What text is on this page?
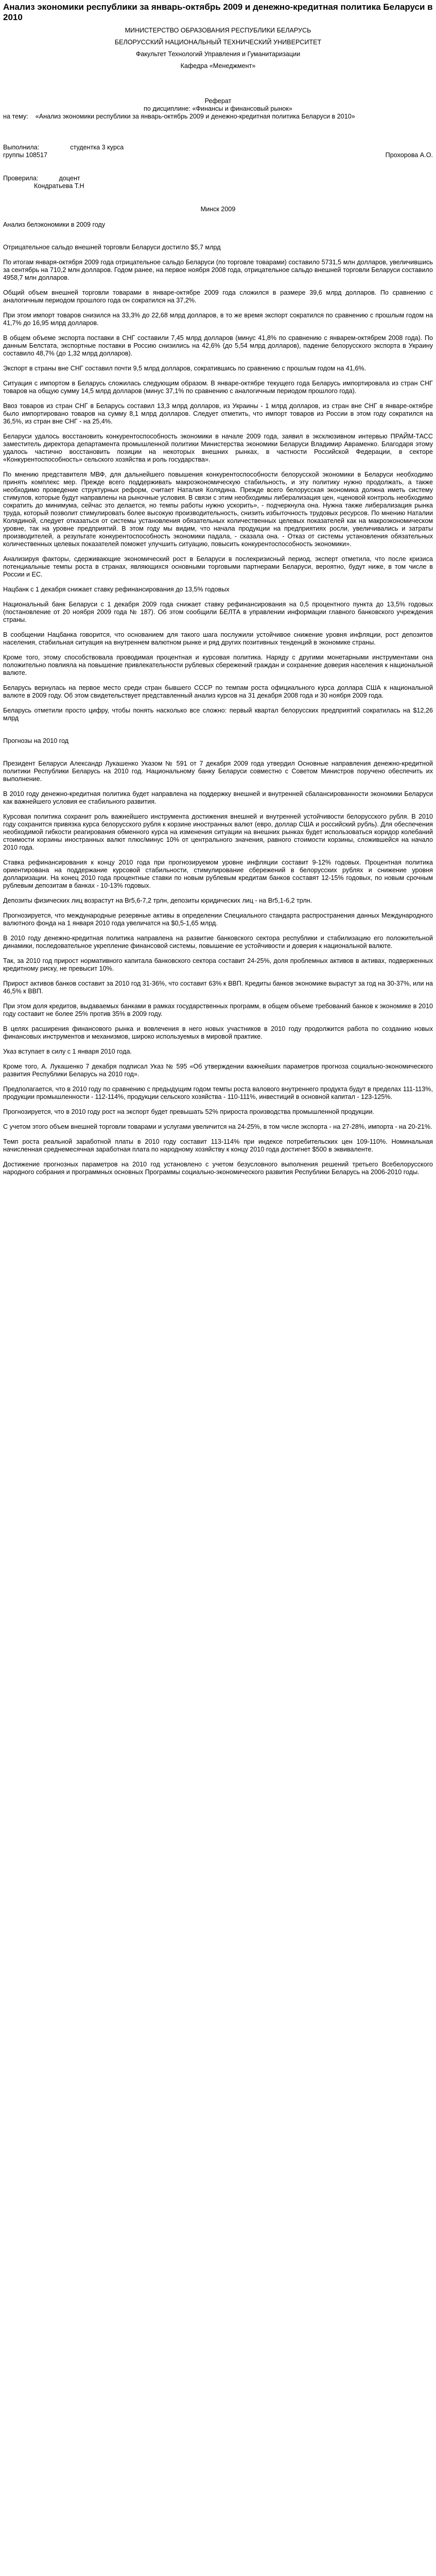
Анализ экономики республики за январь-октябрь 2009 и денежно-кредитная политика Беларуси в 2010
МИНИСТЕРСТВО ОБРАЗОВАНИЯ РЕСПУБЛИКИ БЕЛАРУСЬ
БЕЛОРУССКИЙ НАЦИОНАЛЬНЫЙ ТЕХНИЧЕСКИЙ УНИВЕРСИТЕТ
Факультет Технологий Управления и Гуманитаризации
Кафедра «Менеджмент»
Реферат
по дисциплине: «Финансы и финансовый рынок»

на тему: «Анализ экономики республики за январь-октябрь 2009 и денежно-кредитная политика Беларуси в 2010»

Выполнила:	студентка 3 курса
группы 108517	Прохорова А.О.
Проверила:	доцент
Кондратьева Т.Н
Минск 2009
Анализ белэкономики в 2009 году
Отрицательное сальдо внешней торговли Беларуси достигло $5,7 млрд

По итогам января-октября 2009 года отрицательное сальдо Беларуси (по торговле товарами) составило 5731,5 млн долларов, увеличившись за сентябрь на 710,2 млн долларов. Годом ранее, на первое ноября 2008 года, отрицательное сальдо внешней торговли Беларуси составило 4958,7 млн долларов.

Общий объем внешней торговли товарами в январе-октябре 2009 года сложился в размере 39,6 млрд долларов. По сравнению с аналогичным периодом прошлого года он сократился на 37,2%.

При этом импорт товаров снизился на 33,3% до 22,68 млрд долларов, в то же время экспорт сократился по сравнению с прошлым годом на 41,7% до 16,95 млрд долларов.

В общем объеме экспорта поставки в СНГ составили 7,45 млрд долларов (минус 41,8% по сравнению с январем-октябрем 2008 года). По данным Белстата, экспортные поставки в Россию снизились на 42,6% (до 5,54 млрд долларов), падение белорусского экспорта в Украину составило 48,7% (до 1,32 млрд долларов).

Экспорт в страны вне СНГ составил почти 9,5 млрд долларов, сократившись по сравнению с прошлым годом на 41,6%.

Ситуация с импортом в Беларусь сложилась следующим образом. В январе-октябре текущего года Беларусь импортировала из стран СНГ товаров на общую сумму 14,5 млрд долларов (минус 37,1% по сравнению с аналогичным периодом прошлого года).

Ввоз товаров из стран СНГ в Беларусь составил 13,3 млрд долларов, из Украины - 1 млрд долларов, из стран вне СНГ в январе-октябре было импортировано товаров на сумму 8,1 млрд долларов. Следует отметить, что импорт товаров из России в этом году сократился на 36,5%, из стран вне СНГ - на 25,4%.

Беларуси удалось восстановить конкурентоспособность экономики в начале 2009 года, заявил в эксклюзивном интервью ПРАЙМ-ТАСС заместитель директора департамента промышленной политики Министерства экономики Беларуси Владимир Авраменко. Благодаря этому удалось частично восстановить позиции на некоторых внешних рынках, в частности Российской Федерации, в секторе «Конкурентоспособность» сельского хозяйства и роль государства».

По мнению представителя МВФ, для дальнейшего повышения конкурентоспособности белорусской экономики в Беларуси необходимо принять комплекс мер. Прежде всего поддерживать макроэкономическую стабильность, и эту политику нужно продолжать, а также необходимо проведение структурных реформ, считает Наталия Колядина. Прежде всего белорусская экономика должна иметь систему стимулов, которые будут направлены на рыночные условия. В связи с этим необходимы либерализация цен, «ценовой контроль необходимо сократить до минимума, сейчас это делается, но темпы работы нужно ускорить», - подчеркнула она. Нужна также либерализация рынка труда, который позволит стимулировать более высокую производительность, снизить избыточность трудовых ресурсов. По мнению Наталии Колядиной, следует отказаться от системы установления обязательных количественных целевых показателей как на макроэкономическом уровне, так на уровне предприятий. В этом году мы видим, что начала продукции на предприятиях росли, увеличивались и затраты производителей, а результате конкурентоспособность экономики падала, - сказала она. - Отказ от системы установления обязательных количественных целевых показателей поможет улучшить ситуацию, повысить конкурентоспособность экономики».

Анализируя факторы, сдерживающие экономический рост в Беларуси в послекризисный период, эксперт отметила, что после кризиса потенциальные темпы роста в странах, являющихся основными торговыми партнерами Беларуси, вероятно, будут ниже, в том числе в России и ЕС.

Нацбанк с 1 декабря снижает ставку рефинансирования до 13,5% годовых

Национальный банк Беларуси с 1 декабря 2009 года снижает ставку рефинансирования на 0,5 процентного пункта до 13,5% годовых (постановление от 20 ноября 2009 года № 187). Об этом сообщили БЕЛТА в управлении информации главного банковского учреждения страны.

В сообщении Нацбанка говорится, что основанием для такого шага послужили устойчивое снижение уровня инфляции, рост депозитов населения, стабильная ситуация на внутреннем валютном рынке и ряд других позитивных тенденций в экономике страны.

Кроме того, этому способствовала проводимая процентная и курсовая политика. Наряду с другими монетарными инструментами она положительно повлияла на повышение привлекательности рублевых сбережений граждан и сохранение доверия населения к национальной валюте.

Беларусь вернулась на первое место среди стран бывшего СССР по темпам роста официального курса доллара США к национальной валюте в 2009 году. Об этом свидетельствует представленный анализ курсов на 31 декабря 2008 года и 30 ноября 2009 года.

Беларусь отметили просто цифру, чтобы понять насколько все сложно: первый квартал белорусских предприятий сократилась на $12,26 млрд

Прогнозы на 2010 год

Президент Беларуси Александр Лукашенко Указом № 591 от 7 декабря 2009 года утвердил Основные направления денежно-кредитной политики Республики Беларусь на 2010 год. Национальному банку Беларуси совместно с Советом Министров поручено обеспечить их выполнение.

В 2010 году денежно-кредитная политика будет направлена на поддержку внешней и внутренней сбалансированности экономики Беларуси как важнейшего условия ее стабильного развития.

Курсовая политика сохранит роль важнейшего инструмента достижения внешней и внутренней устойчивости белорусского рубля. В 2010 году сохранится привязка курса белорусского рубля к корзине иностранных валют (евро, доллар США и российский рубль). Для обеспечения необходимой гибкости реагирования обменного курса на изменения ситуации на внешних рынках будет использоваться коридор колебаний стоимости корзины иностранных валют плюс/минус 10% от центрального значения, равного стоимости корзины, сложившейся на начало 2010 года.

Ставка рефинансирования к концу 2010 года при прогнозируемом уровне инфляции составит 9-12% годовых. Процентная политика ориентирована на поддержание курсовой стабильности, стимулирование сбережений в белорусских рублях и снижение уровня долларизации. На конец 2010 года процентные ставки по новым рублевым кредитам банков составят 12-15% годовых, по новым срочным рублевым депозитам в банках - 10-13% годовых.

Депозиты физических лиц возрастут на Br5,6-7,2 трлн, депозиты юридических лиц - на Br5,1-6,2 трлн.

Прогнозируется, что международные резервные активы в определении Специального стандарта распространения данных Международного валютного фонда на 1 января 2010 года увеличатся на $0,5-1,65 млрд.

В 2010 году денежно-кредитная политика направлена на развитие банковского сектора республики и стабилизацию его положительной динамики, последовательное укрепление финансовой системы, повышение ее устойчивости и доверия к национальной валюте.

Так, за 2010 год прирост нормативного капитала банковского сектора составит 24-25%, доля проблемных активов в активах, подверженных кредитному риску, не превысит 10%.

Прирост активов банков составит за 2010 год 31-36%, что составит 63% к ВВП. Кредиты банков экономике вырастут за год на 30-37%, или на 46,5% к ВВП.

При этом доля кредитов, выдаваемых банками в рамках государственных программ, в общем объеме требований банков к экономике в 2010 году составит не более 25% против 35% в 2009 году.

В целях расширения финансового рынка и вовлечения в него новых участников в 2010 году продолжится работа по созданию новых финансовых инструментов и механизмов, широко используемых в мировой практике.

Указ вступает в силу с 1 января 2010 года.

Кроме того, А. Лукашенко 7 декабря подписал Указ № 595 «Об утверждении важнейших параметров прогноза социально-экономического развития Республики Беларусь на 2010 год».

Предполагается, что в 2010 году по сравнению с предыдущим годом темпы роста валового внутреннего продукта будут в пределах 111-113%, продукции промышленности - 112-114%, продукции сельского хозяйства - 110-111%, инвестиций в основной капитал - 123-125%.

Прогнозируется, что в 2010 году рост на экспорт будет превышать 52% прироста производства промышленной продукции.

С учетом этого объем внешней торговли товарами и услугами увеличится на 24-25%, в том числе экспорта - на 27-28%, импорта - на 20-21%.

Темп роста реальной заработной платы в 2010 году составит 113-114% при индексе потребительских цен 109-110%. Номинальная начисленная среднемесячная заработная плата по народному хозяйству к концу 2010 года достигнет $500 в эквиваленте.

Достижение прогнозных параметров на 2010 год установлено с учетом безусловного выполнения решений третьего Всебелорусского народного собрания и программных основных Программы социально-экономического развития Республики Беларусь на 2006-2010 годы.
